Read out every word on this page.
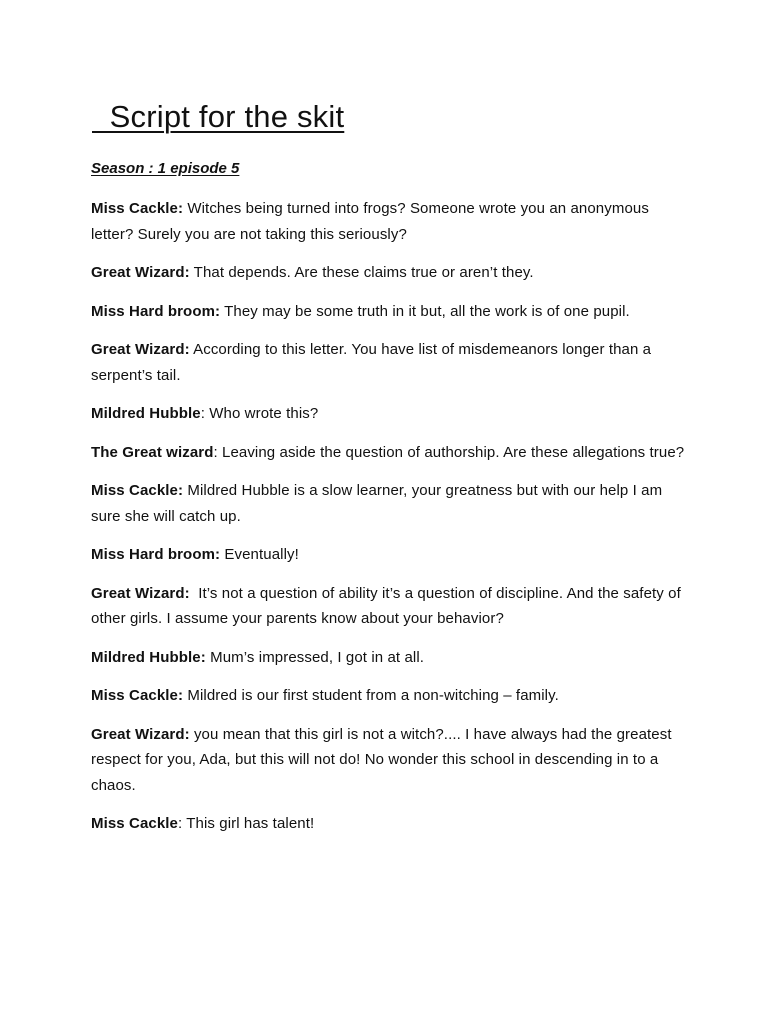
Script for the skit
Season : 1 episode 5

Miss Cackle: Witches being turned into frogs? Someone wrote you an anonymous letter? Surely you are not taking this seriously?

Great Wizard: That depends. Are these claims true or aren’t they.

Miss Hard broom: They may be some truth in it but, all the work is of one pupil.

Great Wizard: According to this letter. You have list of misdemeanors longer than a serpent’s tail.

Mildred Hubble: Who wrote this?

The Great wizard: Leaving aside the question of authorship. Are these allegations true?

Miss Cackle: Mildred Hubble is a slow learner, your greatness but with our help I am sure she will catch up.

Miss Hard broom: Eventually!

Great Wizard:  It’s not a question of ability it’s a question of discipline. And the safety of other girls. I assume your parents know about your behavior?

Mildred Hubble: Mum’s impressed, I got in at all.

Miss Cackle: Mildred is our first student from a non-witching – family.

Great Wizard: you mean that this girl is not a witch?.... I have always had the greatest respect for you, Ada, but this will not do! No wonder this school in descending in to a chaos.

Miss Cackle: This girl has talent!
